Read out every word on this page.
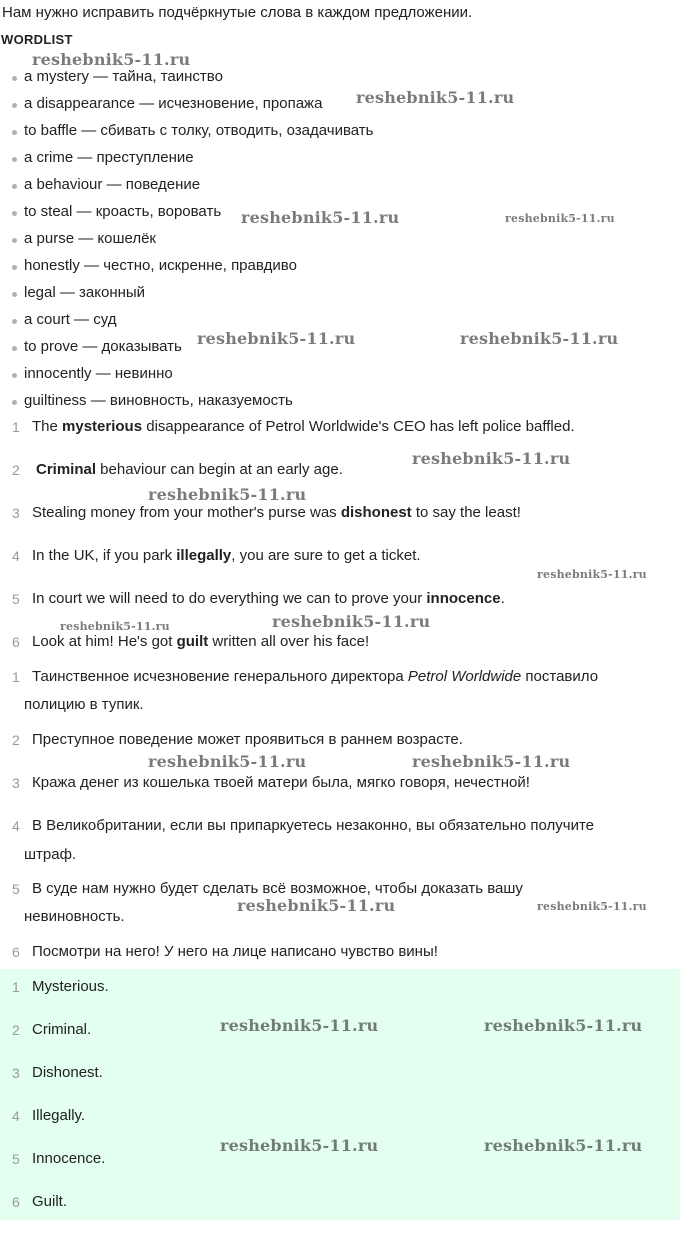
Нам нужно исправить подчёркнутые слова в каждом предложении.
WORDLIST
a mystery — тайна, таинство
a disappearance — исчезновение, пропажа
to baffle — сбивать с толку, отводить, озадачивать
a crime — преступление
a behaviour — поведение
to steal — кроасть, воровать
a purse — кошелёк
honestly — честно, искренне, правдиво
legal — законный
a court — суд
to prove — доказывать
innocently — невинно
guiltiness — виновность, наказуемость
1 The mysterious disappearance of Petrol Worldwide's CEO has left police baffled.
2 Criminal behaviour can begin at an early age.
3 Stealing money from your mother's purse was dishonest to say the least!
4 In the UK, if you park illegally, you are sure to get a ticket.
5 In court we will need to do everything we can to prove your innocence.
6 Look at him! He's got guilt written all over his face!
1 Таинственное исчезновение генерального директора Petrol Worldwide поставило
полицию в тупик.
2 Преступное поведение может проявиться в раннем возрасте.
3 Кража денег из кошелька твоей матери была, мягко говоря, нечестной!
4 В Великобритании, если вы припаркуетесь незаконно, вы обязательно получите
штраф.
5 В суде нам нужно будет сделать всё возможное, чтобы доказать вашу
невиновность.
6 Посмотри на него! У него на лице написано чувство вины!
1 Mysterious.
2 Criminal.
3 Dishonest.
4 Illegally.
5 Innocence.
6 Guilt.
reshebnik5-11.ru
reshebnik5-11.ru
reshebnik5-11.ru	reshebnik5-11.ru
reshebnik5-11.ru	reshebnik5-11.ru
reshebnik5-11.ru
reshebnik5-11.ru
reshebnik5-11.ru
reshebnik5-11.ru	reshebnik5-11.ru
reshebnik5-11.ru	reshebnik5-11.ru
reshebnik5-11.ru	reshebnik5-11.ru
reshebnik5-11.ru	reshebnik5-11.ru
reshebnik5-11.ru	reshebnik5-11.ru
